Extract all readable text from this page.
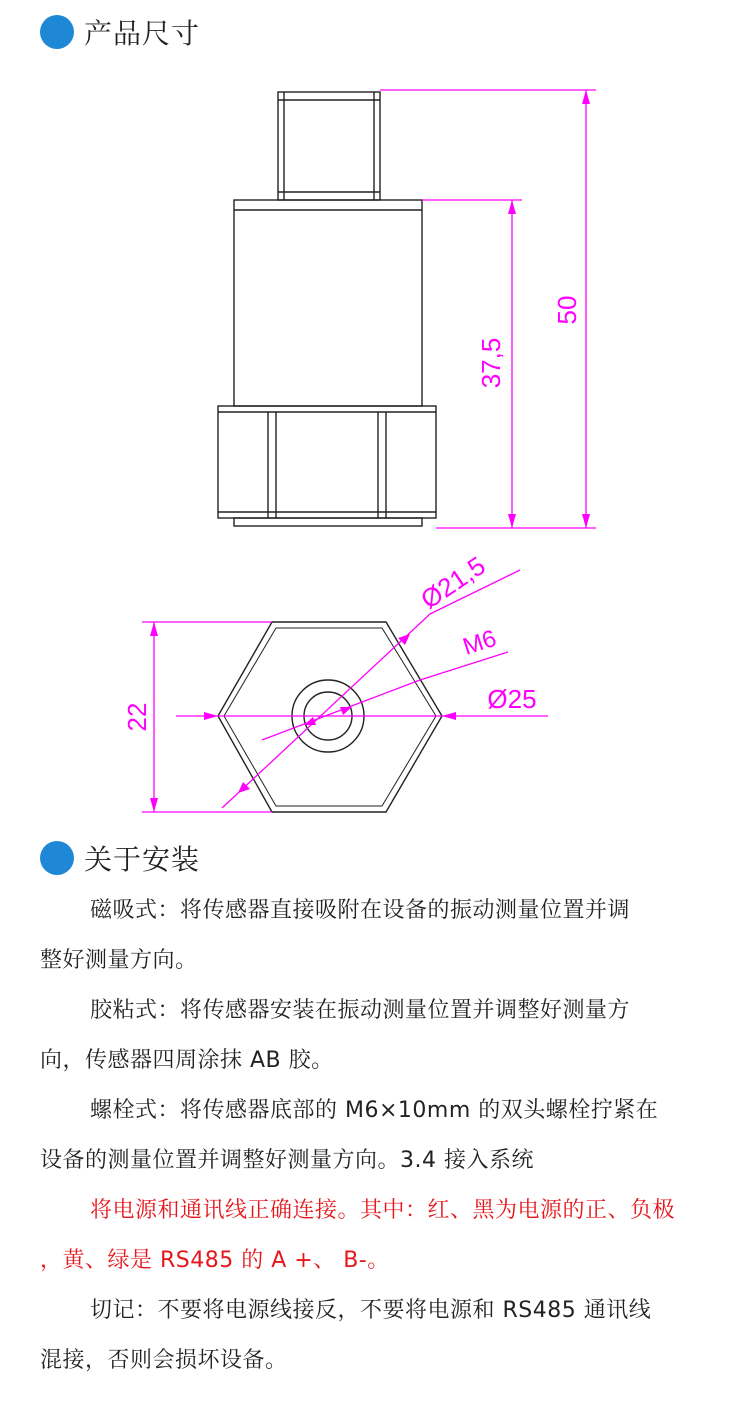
产品尺寸
50
37,5
22
Ø21,5
M6
Ø25
关于安装
磁吸式：将传感器直接吸附在设备的振动测量位置并调
整好测量方向。
胶粘式：将传感器安装在振动测量位置并调整好测量方
向，传感器四周涂抹 AB 胶。
螺栓式：将传感器底部的 M6×10mm 的双头螺栓拧紧在
设备的测量位置并调整好测量方向。3.4 接入系统
将电源和通讯线正确连接。其中：红、黑为电源的正、负极
，黄、绿是 RS485 的 A +、 B-。
切记：不要将电源线接反，不要将电源和 RS485 通讯线
混接，否则会损坏设备。
